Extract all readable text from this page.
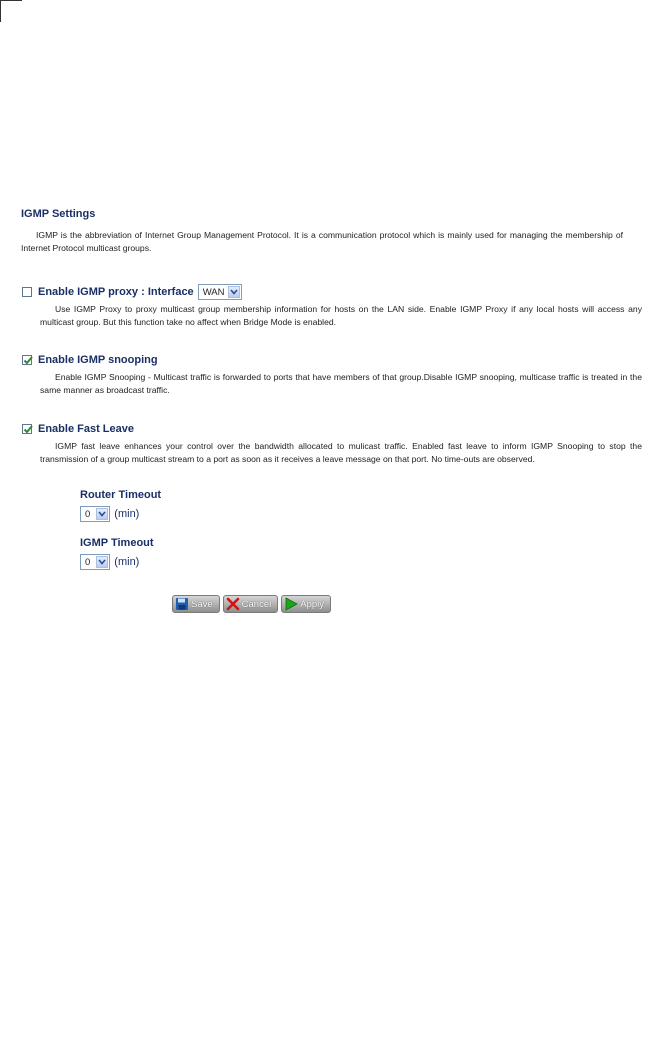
IGMP Settings
IGMP is the abbreviation of Internet Group Management Protocol. It is a communication protocol which is mainly used for managing the membership of Internet Protocol multicast groups.
Enable IGMP proxy : Interface WAN
Use IGMP Proxy to proxy multicast group membership information for hosts on the LAN side. Enable IGMP Proxy if any local hosts will access any multicast group. But this function take no affect when Bridge Mode is enabled.
Enable IGMP snooping
Enable IGMP Snooping - Multicast traffic is forwarded to ports that have members of that group.Disable IGMP snooping, multicase traffic is treated in the same manner as broadcast traffic.
Enable Fast Leave
IGMP fast leave enhances your control over the bandwidth allocated to mulicast traffic. Enabled fast leave to inform IGMP Snooping to stop the transmission of a group multicast stream to a port as soon as it receives a leave message on that port. No time-outs are observed.
Router Timeout
0	(min)
IGMP Timeout
0	(min)
Save	Cancel	Apply
